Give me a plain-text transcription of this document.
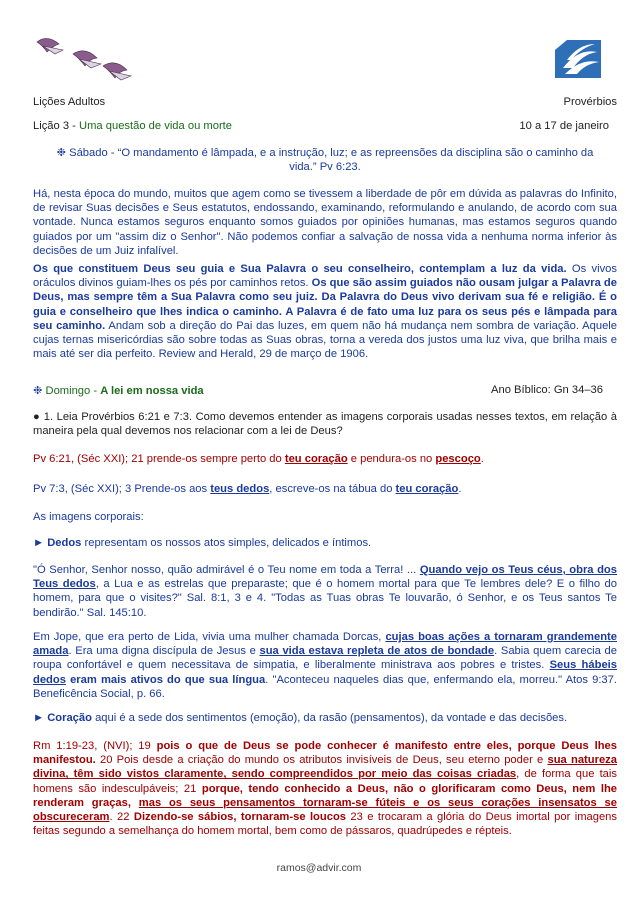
Lições Adultos	Provérbios
Lição 3 - Uma questão de vida ou morte	10 a 17 de janeiro

❉ Sábado - “O mandamento é lâmpada, e a instrução, luz; e as repreensões da disciplina são o caminho da
vida.” Pv 6:23.

Há, nesta época do mundo, muitos que agem como se tivessem a liberdade de pôr em dúvida as palavras do Infinito, de revisar Suas decisões e Seus estatutos, endossando, examinando, reformulando e anulando, de acordo com sua vontade. Nunca estamos seguros enquanto somos guiados por opiniões humanas, mas estamos seguros quando guiados por um "assim diz o Senhor". Não podemos confiar a salvação de nossa vida a nenhuma norma inferior às decisões de um Juiz infalível.

Os que constituem Deus seu guia e Sua Palavra o seu conselheiro, contemplam a luz da vida. Os vivos oráculos divinos guiam-lhes os pés por caminhos retos. Os que são assim guiados não ousam julgar a Palavra de Deus, mas sempre têm a Sua Palavra como seu juiz. Da Palavra do Deus vivo derivam sua fé e religião. É o guia e conselheiro que lhes indica o caminho. A Palavra é de fato uma luz para os seus pés e lâmpada para seu caminho. Andam sob a direção do Pai das luzes, em quem não há mudança nem sombra de variação. Aquele cujas ternas misericórdias são sobre todas as Suas obras, torna a vereda dos justos uma luz viva, que brilha mais e mais até ser dia perfeito. Review and Herald, 29 de março de 1906.

❉ Domingo - A lei em nossa vida	Ano Bíblico: Gn 34–36

● 1. Leia Provérbios 6:21 e 7:3. Como devemos entender as imagens corporais usadas nesses textos, em relação à maneira pela qual devemos nos relacionar com a lei de Deus?

Pv 6:21, (Séc XXI); 21 prende-os sempre perto do teu coração e pendura-os no pescoço.

Pv 7:3, (Séc XXI); 3 Prende-os aos teus dedos, escreve-os na tábua do teu coração.

As imagens corporais:

► Dedos representam os nossos atos simples, delicados e íntimos.

"Ó Senhor, Senhor nosso, quão admirável é o Teu nome em toda a Terra! ... Quando vejo os Teus céus, obra dos Teus dedos, a Lua e as estrelas que preparaste; que é o homem mortal para que Te lembres dele? E o filho do homem, para que o visites?" Sal. 8:1, 3 e 4. "Todas as Tuas obras Te louvarão, ó Senhor, e os Teus santos Te bendirão." Sal. 145:10.

Em Jope, que era perto de Lida, vivia uma mulher chamada Dorcas, cujas boas ações a tornaram grandemente amada. Era uma digna discípula de Jesus e sua vida estava repleta de atos de bondade. Sabia quem carecia de roupa confortável e quem necessitava de simpatia, e liberalmente ministrava aos pobres e tristes. Seus hábeis dedos eram mais ativos do que sua língua. "Aconteceu naqueles dias que, enfermando ela, morreu." Atos 9:37. Beneficência Social, p. 66.

► Coração aqui é a sede dos sentimentos (emoção), da rasão (pensamentos), da vontade e das decisões.

Rm 1:19-23, (NVI); 19 pois o que de Deus se pode conhecer é manifesto entre eles, porque Deus lhes manifestou. 20 Pois desde a criação do mundo os atributos invisíveis de Deus, seu eterno poder e sua natureza divina, têm sido vistos claramente, sendo compreendidos por meio das coisas criadas, de forma que tais homens são indesculpáveis; 21 porque, tendo conhecido a Deus, não o glorificaram como Deus, nem lhe renderam graças, mas os seus pensamentos tornaram-se fúteis e os seus corações insensatos se obscureceram. 22 Dizendo-se sábios, tornaram-se loucos 23 e trocaram a glória do Deus imortal por imagens feitas segundo a semelhança do homem mortal, bem como de pássaros, quadrúpedes e répteis.

ramos@advir.com
